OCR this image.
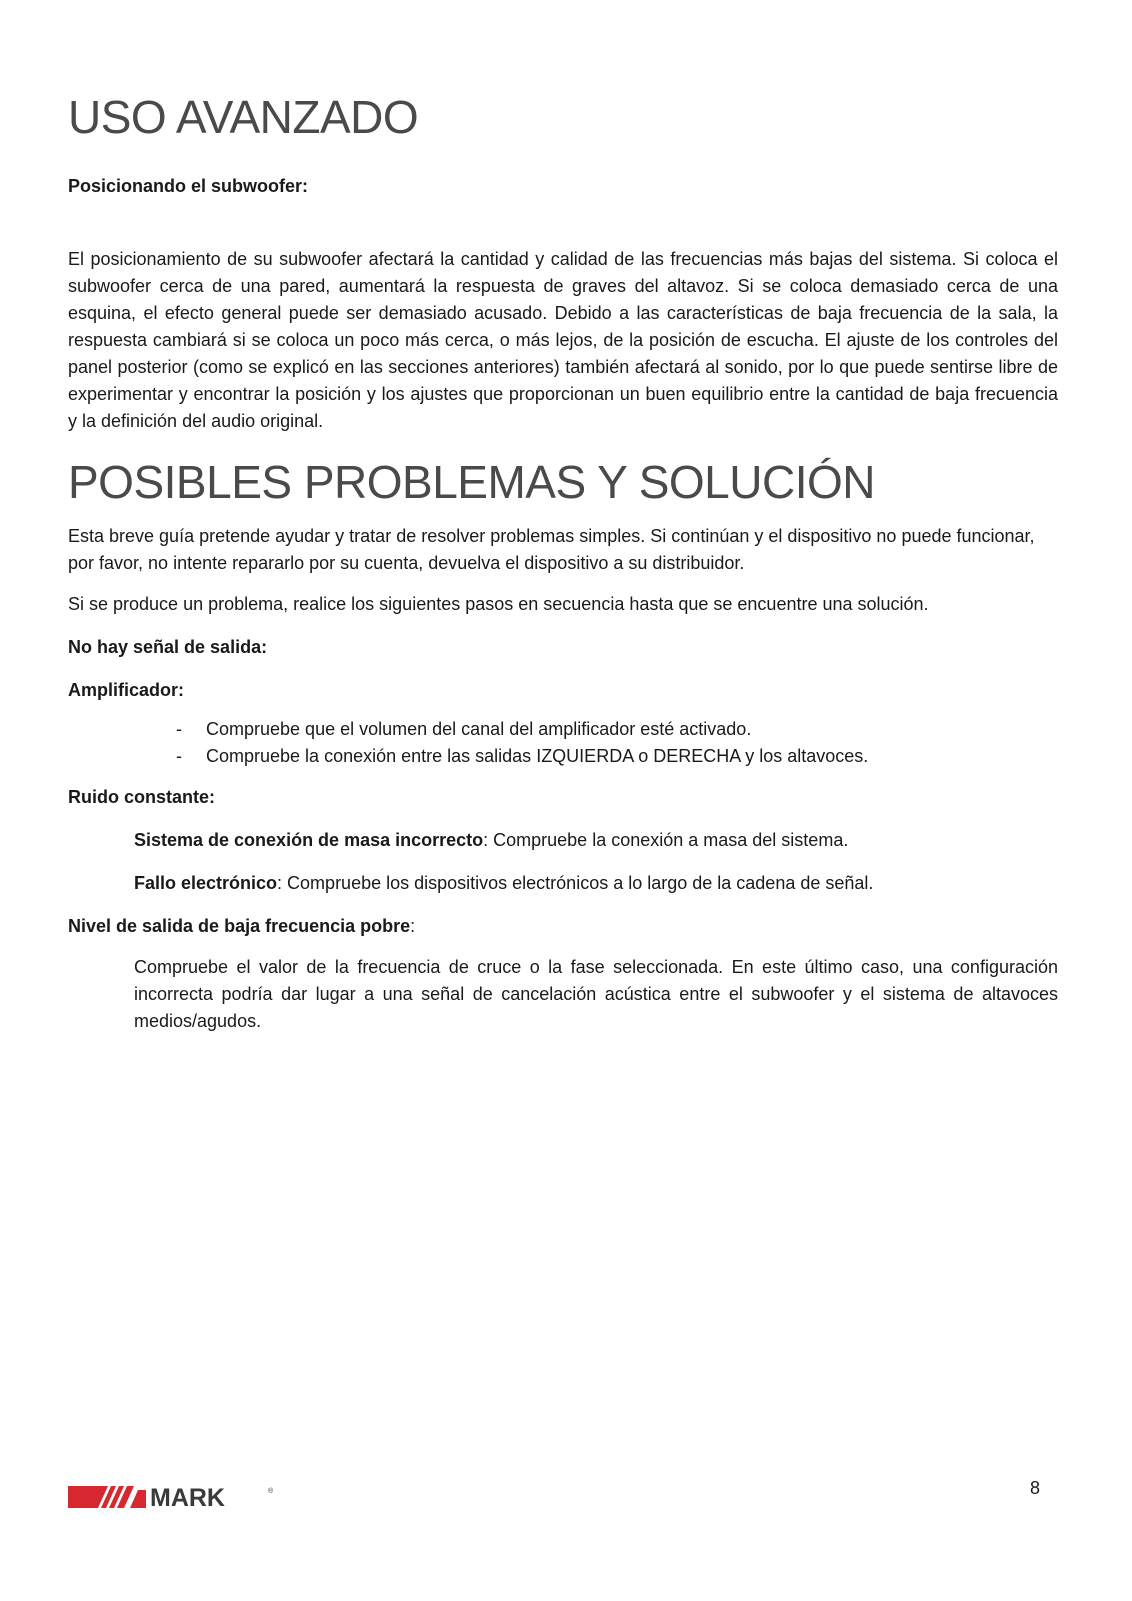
USO AVANZADO

Posicionando el subwoofer:

El posicionamiento de su subwoofer afectará la cantidad y calidad de las frecuencias más bajas del sistema. Si coloca el subwoofer cerca de una pared, aumentará la respuesta de graves del altavoz. Si se coloca demasiado cerca de una esquina, el efecto general puede ser demasiado acusado. Debido a las características de baja frecuencia de la sala, la respuesta cambiará si se coloca un poco más cerca, o más lejos, de la posición de escucha. El ajuste de los controles del panel posterior (como se explicó en las secciones anteriores) también afectará al sonido, por lo que puede sentirse libre de experimentar y encontrar la posición y los ajustes que proporcionan un buen equilibrio entre la cantidad de baja frecuencia y la definición del audio original.

POSIBLES PROBLEMAS Y SOLUCIÓN

Esta breve guía pretende ayudar y tratar de resolver problemas simples. Si continúan y el dispositivo no puede funcionar, por favor, no intente repararlo por su cuenta, devuelva el dispositivo a su distribuidor.

Si se produce un problema, realice los siguientes pasos en secuencia hasta que se encuentre una solución.

No hay señal de salida:

Amplificador:

- Compruebe que el volumen del canal del amplificador esté activado.
- Compruebe la conexión entre las salidas IZQUIERDA o DERECHA y los altavoces.

Ruido constante:

Sistema de conexión de masa incorrecto: Compruebe la conexión a masa del sistema.

Fallo electrónico: Compruebe los dispositivos electrónicos a lo largo de la cadena de señal.

Nivel de salida de baja frecuencia pobre:

Compruebe el valor de la frecuencia de cruce o la fase seleccionada. En este último caso, una configuración incorrecta podría dar lugar a una señal de cancelación acústica entre el subwoofer y el sistema de altavoces medios/agudos.

MARK	®	8
